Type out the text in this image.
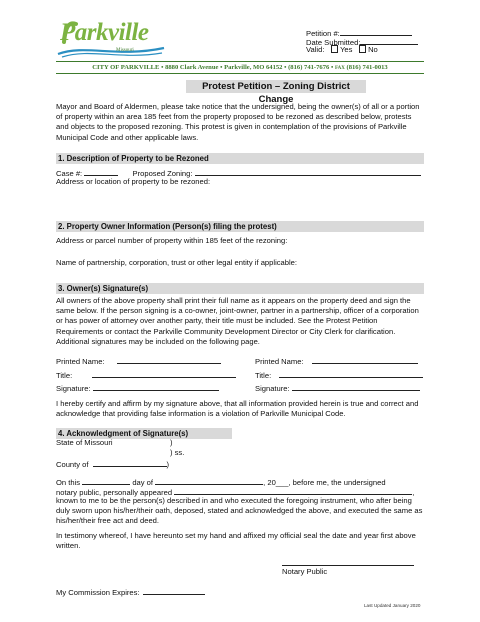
Parkville
Missouri
Petition #:
Date Submitted:
Valid: Yes No
CITY OF PARKVILLE • 8880 Clark Avenue • Parkville, MO 64152 • (816) 741-7676 • FAX (816) 741-0013
Protest Petition – Zoning District Change
Mayor and Board of Aldermen, please take notice that the undersigned, being the owner(s) of all or a portion of property within an area 185 feet from the property proposed to be rezoned as described below, protests and objects to the proposed rezoning. This protest is given in contemplation of the provisions of Parkville Municipal Code and other applicable laws.
1. Description of Property to be Rezoned
Case #:	Proposed Zoning:
Address or location of property to be rezoned:
2. Property Owner Information (Person(s) filing the protest)
Address or parcel number of property within 185 feet of the rezoning:
Name of partnership, corporation, trust or other legal entity if applicable:
3. Owner(s) Signature(s)
All owners of the above property shall print their full name as it appears on the property deed and sign the same below. If the person signing is a co-owner, joint-owner, partner in a partnership, officer of a corporation or has power of attorney over another party, their title must be included. See the Protest Petition Requirements or contact the Parkville Community Development Director or City Clerk for clarification. Additional signatures may be included on the following page.
Printed Name:	Printed Name:
Title:	Title:
Signature:	Signature:
I hereby certify and affirm by my signature above, that all information provided herein is true and correct and acknowledge that providing false information is a violation of Parkville Municipal Code.
4. Acknowledgment of Signature(s)
State of Missouri	)
) ss.
County of	)
On this	day of	, 20___, before me, the undersigned
notary public, personally appeared	,
known to me to be the person(s) described in and who executed the foregoing instrument, who after being duly sworn upon his/her/their oath, deposed, stated and acknowledged the above, and executed the same as his/her/their free act and deed.
In testimony whereof, I have hereunto set my hand and affixed my official seal the date and year first above written.
Notary Public
My Commission Expires:
Last Updated January 2020
